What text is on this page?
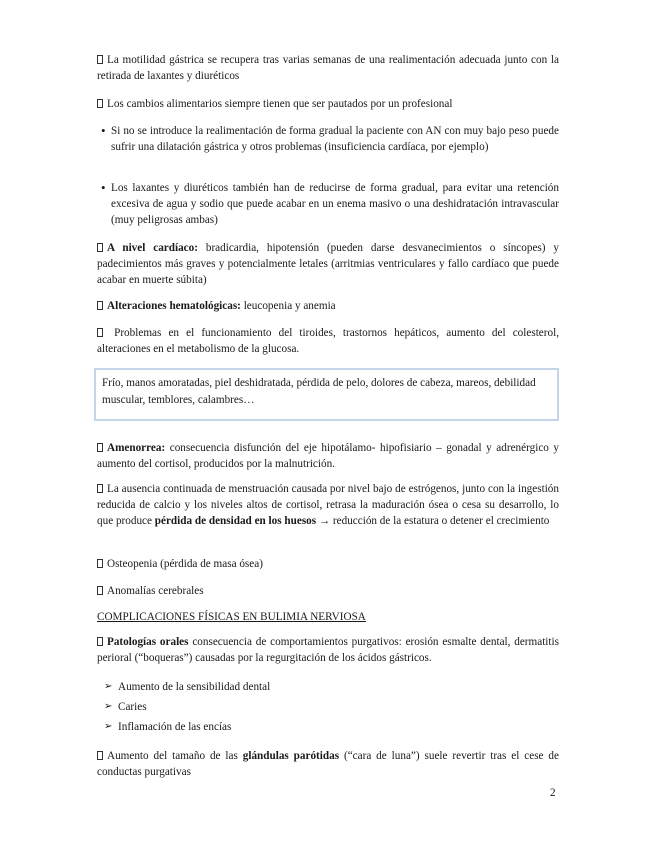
La motilidad gástrica se recupera tras varias semanas de una realimentación adecuada junto con la retirada de laxantes y diuréticos

Los cambios alimentarios siempre tienen que ser pautados por un profesional

• Si no se introduce la realimentación de forma gradual la paciente con AN con muy bajo peso puede sufrir una dilatación gástrica y otros problemas (insuficiencia cardíaca, por ejemplo)
• Los laxantes y diuréticos también han de reducirse de forma gradual, para evitar una retención excesiva de agua y sodio que puede acabar en un enema masivo o una deshidratación intravascular (muy peligrosas ambas)

A nivel cardíaco: bradicardia, hipotensión (pueden darse desvanecimientos o síncopes) y padecimientos más graves y potencialmente letales (arritmias ventriculares y fallo cardíaco que puede acabar en muerte súbita)

Alteraciones hematológicas: leucopenia y anemia

Problemas en el funcionamiento del tiroides, trastornos hepáticos, aumento del colesterol, alteraciones en el metabolismo de la glucosa.

Frío, manos amoratadas, piel deshidratada, pérdida de pelo, dolores de cabeza, mareos, debilidad muscular, temblores, calambres…

Amenorrea: consecuencia disfunción del eje hipotálamo- hipofisiario – gonadal y adrenérgico y aumento del cortisol, producidos por la malnutrición.

La ausencia continuada de menstruación causada por nivel bajo de estrógenos, junto con la ingestión reducida de calcio y los niveles altos de cortisol, retrasa la maduración ósea o cesa su desarrollo, lo que produce pérdida de densidad en los huesos → reducción de la estatura o detener el crecimiento

Osteopenia (pérdida de masa ósea)

Anomalías cerebrales

COMPLICACIONES FÍSICAS EN BULIMIA NERVIOSA

Patologías orales consecuencia de comportamientos purgativos: erosión esmalte dental, dermatitis perioral (“boqueras”) causadas por la regurgitación de los ácidos gástricos.

➢ Aumento de la sensibilidad dental
➢ Caries
➢ Inflamación de las encías

Aumento del tamaño de las glándulas parótidas (“cara de luna”) suele revertir tras el cese de conductas purgativas

2
